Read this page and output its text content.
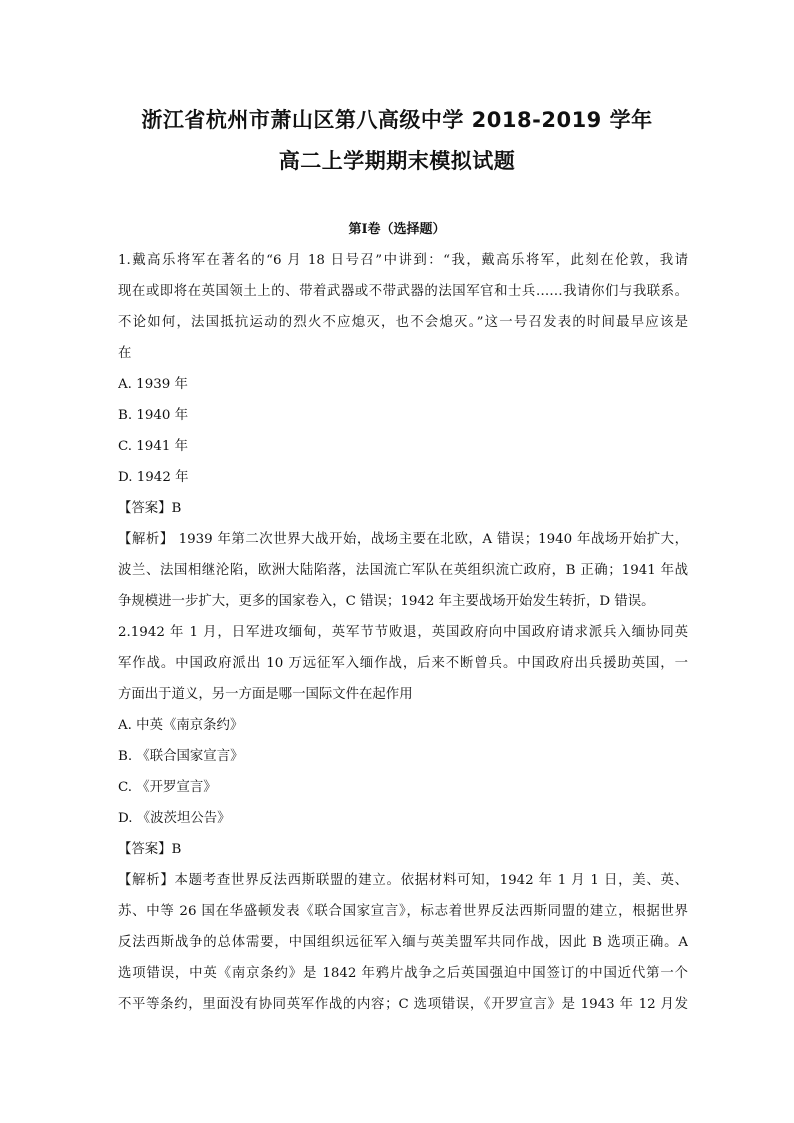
浙江省杭州市萧山区第八高级中学 2018-2019 学年
高二上学期期末模拟试题
第Ⅰ卷（选择题）
1.戴高乐将军在著名的“6 月 18 日号召”中讲到：“我，戴高乐将军，此刻在伦敦，我请
现在或即将在英国领土上的、带着武器或不带武器的法国军官和士兵……我请你们与我联系。
不论如何，法国抵抗运动的烈火不应熄灭，也不会熄灭。”这一号召发表的时间最早应该是
在
A. 1939 年
B. 1940 年
C. 1941 年
D. 1942 年
【答案】B
【解析】 1939 年第二次世界大战开始，战场主要在北欧，A 错误；1940 年战场开始扩大，
波兰、法国相继沦陷，欧洲大陆陷落，法国流亡军队在英组织流亡政府，B 正确；1941 年战
争规模进一步扩大，更多的国家卷入，C 错误；1942 年主要战场开始发生转折，D 错误。
2.1942 年 1 月，日军进攻缅甸，英军节节败退，英国政府向中国政府请求派兵入缅协同英
军作战。中国政府派出 10 万远征军入缅作战，后来不断曾兵。中国政府出兵援助英国，一
方面出于道义，另一方面是哪一国际文件在起作用
A. 中英《南京条约》
B. 《联合国家宣言》
C. 《开罗宣言》
D. 《波茨坦公告》
【答案】B
【解析】本题考查世界反法西斯联盟的建立。依据材料可知，1942 年 1 月 1 日，美、英、
苏、中等 26 国在华盛顿发表《联合国家宣言》，标志着世界反法西斯同盟的建立，根据世界
反法西斯战争的总体需要，中国组织远征军入缅与英美盟军共同作战，因此 B 选项正确。A
选项错误，中英《南京条约》是 1842 年鸦片战争之后英国强迫中国签订的中国近代第一个
不平等条约，里面没有协同英军作战的内容；C 选项错误，《开罗宣言》是 1943 年 12 月发
